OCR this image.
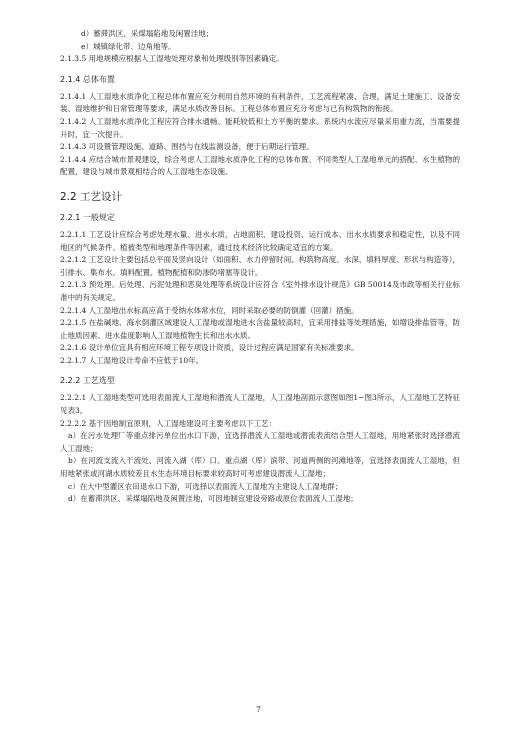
d）蓄滞洪区、采煤塌陷地及闲置洼地；

e）城镇绿化带、边角地等。

2.1.3.5 用地规模应根据人工湿地处理对象和处理级别等因素确定。

2.1.4 总体布置

2.1.4.1 人工湿地水质净化工程总体布置应充分利用自然环境的有利条件，工艺流程紧凑、合理，满足土建施工、设备安装、湿地维护和日常管理等要求，满足水质改善目标。工程总体布置应充分考虑与已有构筑物的衔接。

2.1.4.2 人工湿地水质净化工程应符合排水通畅、能耗较低和土方平衡的要求。系统内水流应尽量采用重力流，当需要提升时，宜一次提升。

2.1.4.3 可设置管理设施、道路、围挡与在线监测设备，便于后期运行管理。

2.1.4.4 应结合城市景观建设，综合考虑人工湿地水质净化工程的总体布置、不同类型人工湿地单元的搭配、水生植物的配置，建设与城市景观相结合的人工湿地生态设施。

2.2 工艺设计
2.2.1 一般规定

2.2.1.1 工艺设计应综合考虑处理水量、进水水质、占地面积、建设投资、运行成本、出水水质要求和稳定性，以及不同地区的气候条件、植被类型和地理条件等因素，通过技术经济比较确定适宜的方案。

2.2.1.2 工艺设计主要包括总平面及竖向设计（如面积、水力停留时间、构筑物高度、水深、填料厚度、形状与构造等），引排水、集布水、填料配置、植物配植和防渗防堵塞等设计。

2.2.1.3 预处理、后处理、污泥处理和恶臭处理等系统设计应符合《室外排水设计规范》GB 50014及市政等相关行业标准中的有关规定。

2.2.1.4 人工湿地出水标高应高于受纳水体常水位，同时采取必要的防倒灌（回灌）措施。

2.2.1.5 在盐碱地、海水倒灌区域建设人工湿地或湿地进水含盐量较高时，宜采用排盐等处理措施，如增设排盐管等，防止地质因素、进水盐度影响人工湿地植物生长和出水水质。

2.2.1.6 设计单位宜具有相应环境工程专项设计资质，设计过程应满足国家有关标准要求。

2.2.1.7 人工湿地设计寿命不应低于10年。

2.2.2 工艺选型

2.2.2.1 人工湿地类型可选用表面流人工湿地和潜流人工湿地，人工湿地剖面示意图如图1~图3所示，人工湿地工艺特征见表3。

2.2.2.2 基于因地制宜原则，人工湿地建设可主要考虑以下工艺：

a）在污水处理厂等重点排污单位出水口下游，宜选择潜流人工湿地或潜流表流结合型人工湿地，用地紧张时选择潜流人工湿地；

b）在河流支流入干流处、河流入湖（库）口、重点湖（库）滨带、河道两侧的河滩地等，宜选择表面流人工湿地，但用地紧张或河湖水质较差且水生态环境目标要求较高时可考虑建设潜流人工湿地；

c）在大中型灌区农田退水口下游，可选择以表面流人工湿地为主建设人工湿地群；

d）在蓄滞洪区、采煤塌陷地及闲置洼地，可因地制宜建设旁路或原位表面流人工湿地；

7
